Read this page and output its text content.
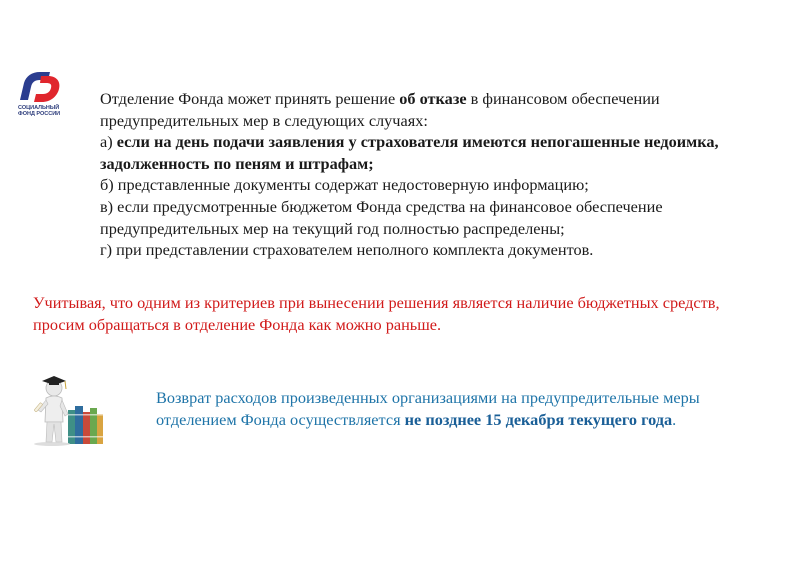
СОЦИАЛЬНЫЙ
ФОНД РОССИИ
Отделение Фонда может принять решение об отказе в финансовом обеспечении предупредительных мер в следующих случаях:
а) если на день подачи заявления у страхователя имеются непогашенные недоимка, задолженность по пеням и штрафам;
б) представленные документы содержат недостоверную информацию;
в) если предусмотренные бюджетом Фонда средства на финансовое обеспечение предупредительных мер на текущий год полностью распределены;
г) при представлении страхователем неполного комплекта документов.
Учитывая, что одним из критериев при вынесении решения является наличие бюджетных средств, просим обращаться в отделение Фонда как можно раньше.
Возврат расходов произведенных организациями на предупредительные меры отделением Фонда осуществляется не позднее 15 декабря текущего года.
